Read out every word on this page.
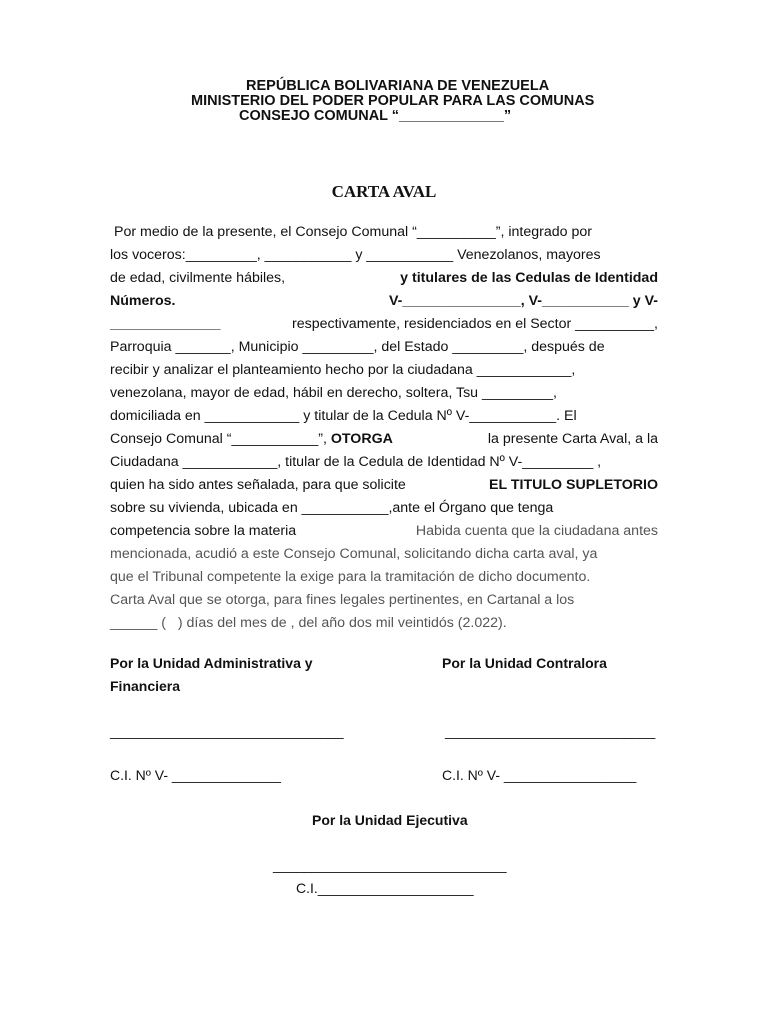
REPÚBLICA BOLIVARIANA DE VENEZUELA
MINISTERIO DEL PODER POPULAR PARA LAS COMUNAS
CONSEJO COMUNAL “_____________”
CARTA AVAL
Por medio de la presente, el Consejo Comunal “__________”, integrado por
los voceros:_________, ___________ y ___________ Venezolanos, mayores
de edad, civilmente hábiles,	y titulares de las Cedulas de Identidad
Números.	V-_______________, V-___________ y V-
______________	respectivamente, residenciados en el Sector __________,
Parroquia _______, Municipio _________, del Estado _________, después de
recibir y analizar el planteamiento hecho por la ciudadana ____________,
venezolana, mayor de edad, hábil en derecho, soltera, Tsu _________,
domiciliada en ____________ y titular de la Cedula Nº V-___________. El
Consejo Comunal “___________”,
OTORGA	la presente Carta Aval, a la
Ciudadana ____________, titular de la Cedula de Identidad Nº V-_________ ,
quien ha sido antes señalada, para que solicite	EL TITULO SUPLETORIO
sobre su vivienda, ubicada en ___________,ante el Órgano que tenga
competencia sobre la materia	Habida cuenta que la ciudadana antes
mencionada, acudió a este Consejo Comunal, solicitando dicha carta aval, ya
que el Tribunal competente la exige para la tramitación de dicho documento.
Carta Aval que se otorga, para fines legales pertinentes, en Cartanal a los
______ (   ) días del mes de , del año dos mil veintidós (2.022).
Por la Unidad Administrativa y
Financiera
Por la Unidad Contralora
______________________________	___________________________
C.I. Nº V- ______________	C.I. Nº V- _________________
Por la Unidad Ejecutiva
______________________________
C.I.____________________
